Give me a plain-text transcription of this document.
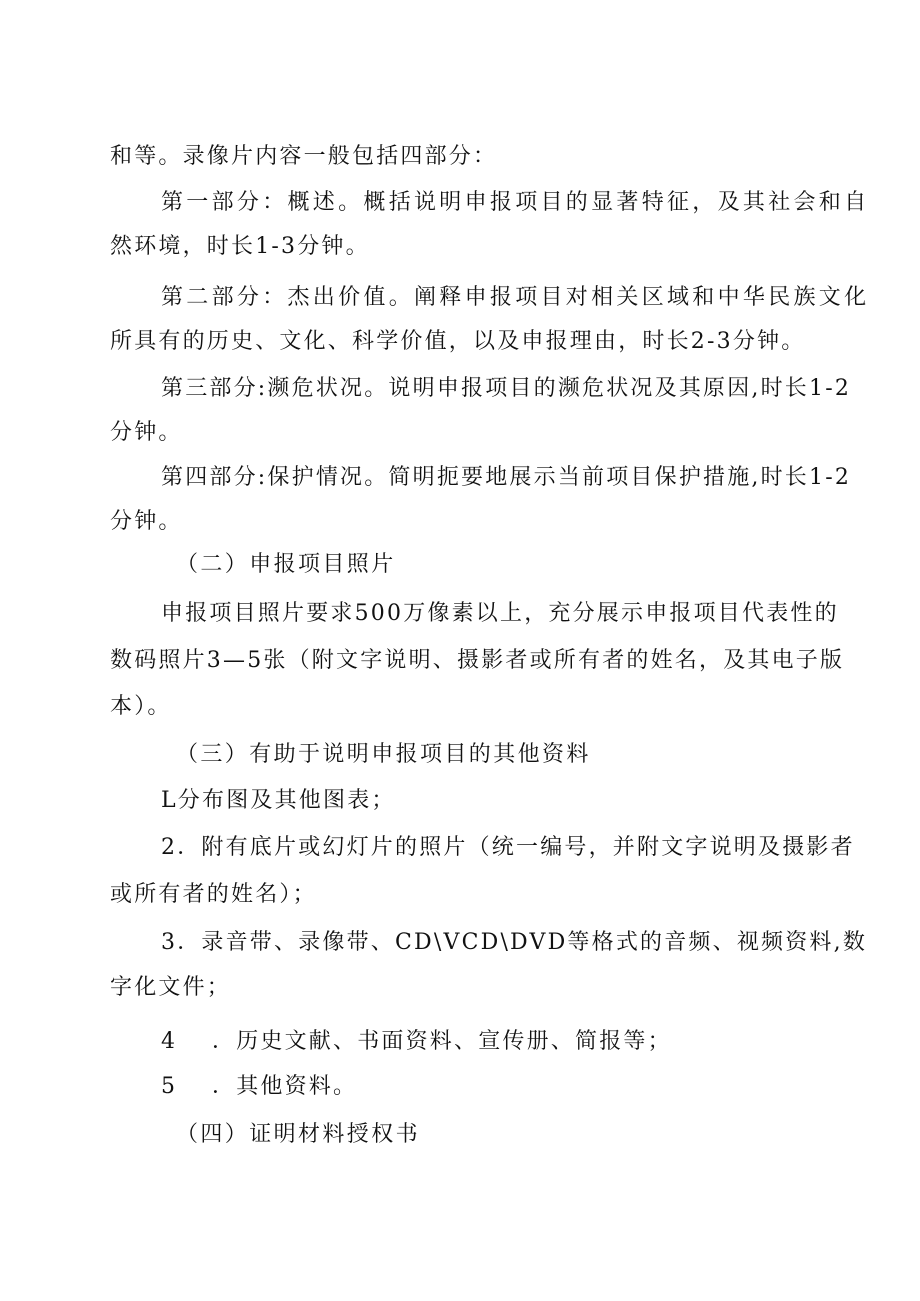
和等。录像片内容一般包括四部分：
第一部分：概述。概括说明申报项目的显著特征，及其社会和自
然环境，时长1-3分钟。
第二部分：杰出价值。阐释申报项目对相关区域和中华民族文化
所具有的历史、文化、科学价值，以及申报理由，时长2-3分钟。
第三部分:濒危状况。说明申报项目的濒危状况及其原因,时长1-2
分钟。
第四部分:保护情况。简明扼要地展示当前项目保护措施,时长1-2
分钟。
（二）申报项目照片
申报项目照片要求500万像素以上，充分展示申报项目代表性的
数码照片3—5张（附文字说明、摄影者或所有者的姓名，及其电子版
本）。
（三）有助于说明申报项目的其他资料
L分布图及其他图表；
2．附有底片或幻灯片的照片（统一编号，并附文字说明及摄影者
或所有者的姓名）；
3．录音带、录像带、CD\VCD\DVD等格式的音频、视频资料,数
字化文件；
4 ．历史文献、书面资料、宣传册、简报等；
5 ．其他资料。
（四）证明材料授权书
